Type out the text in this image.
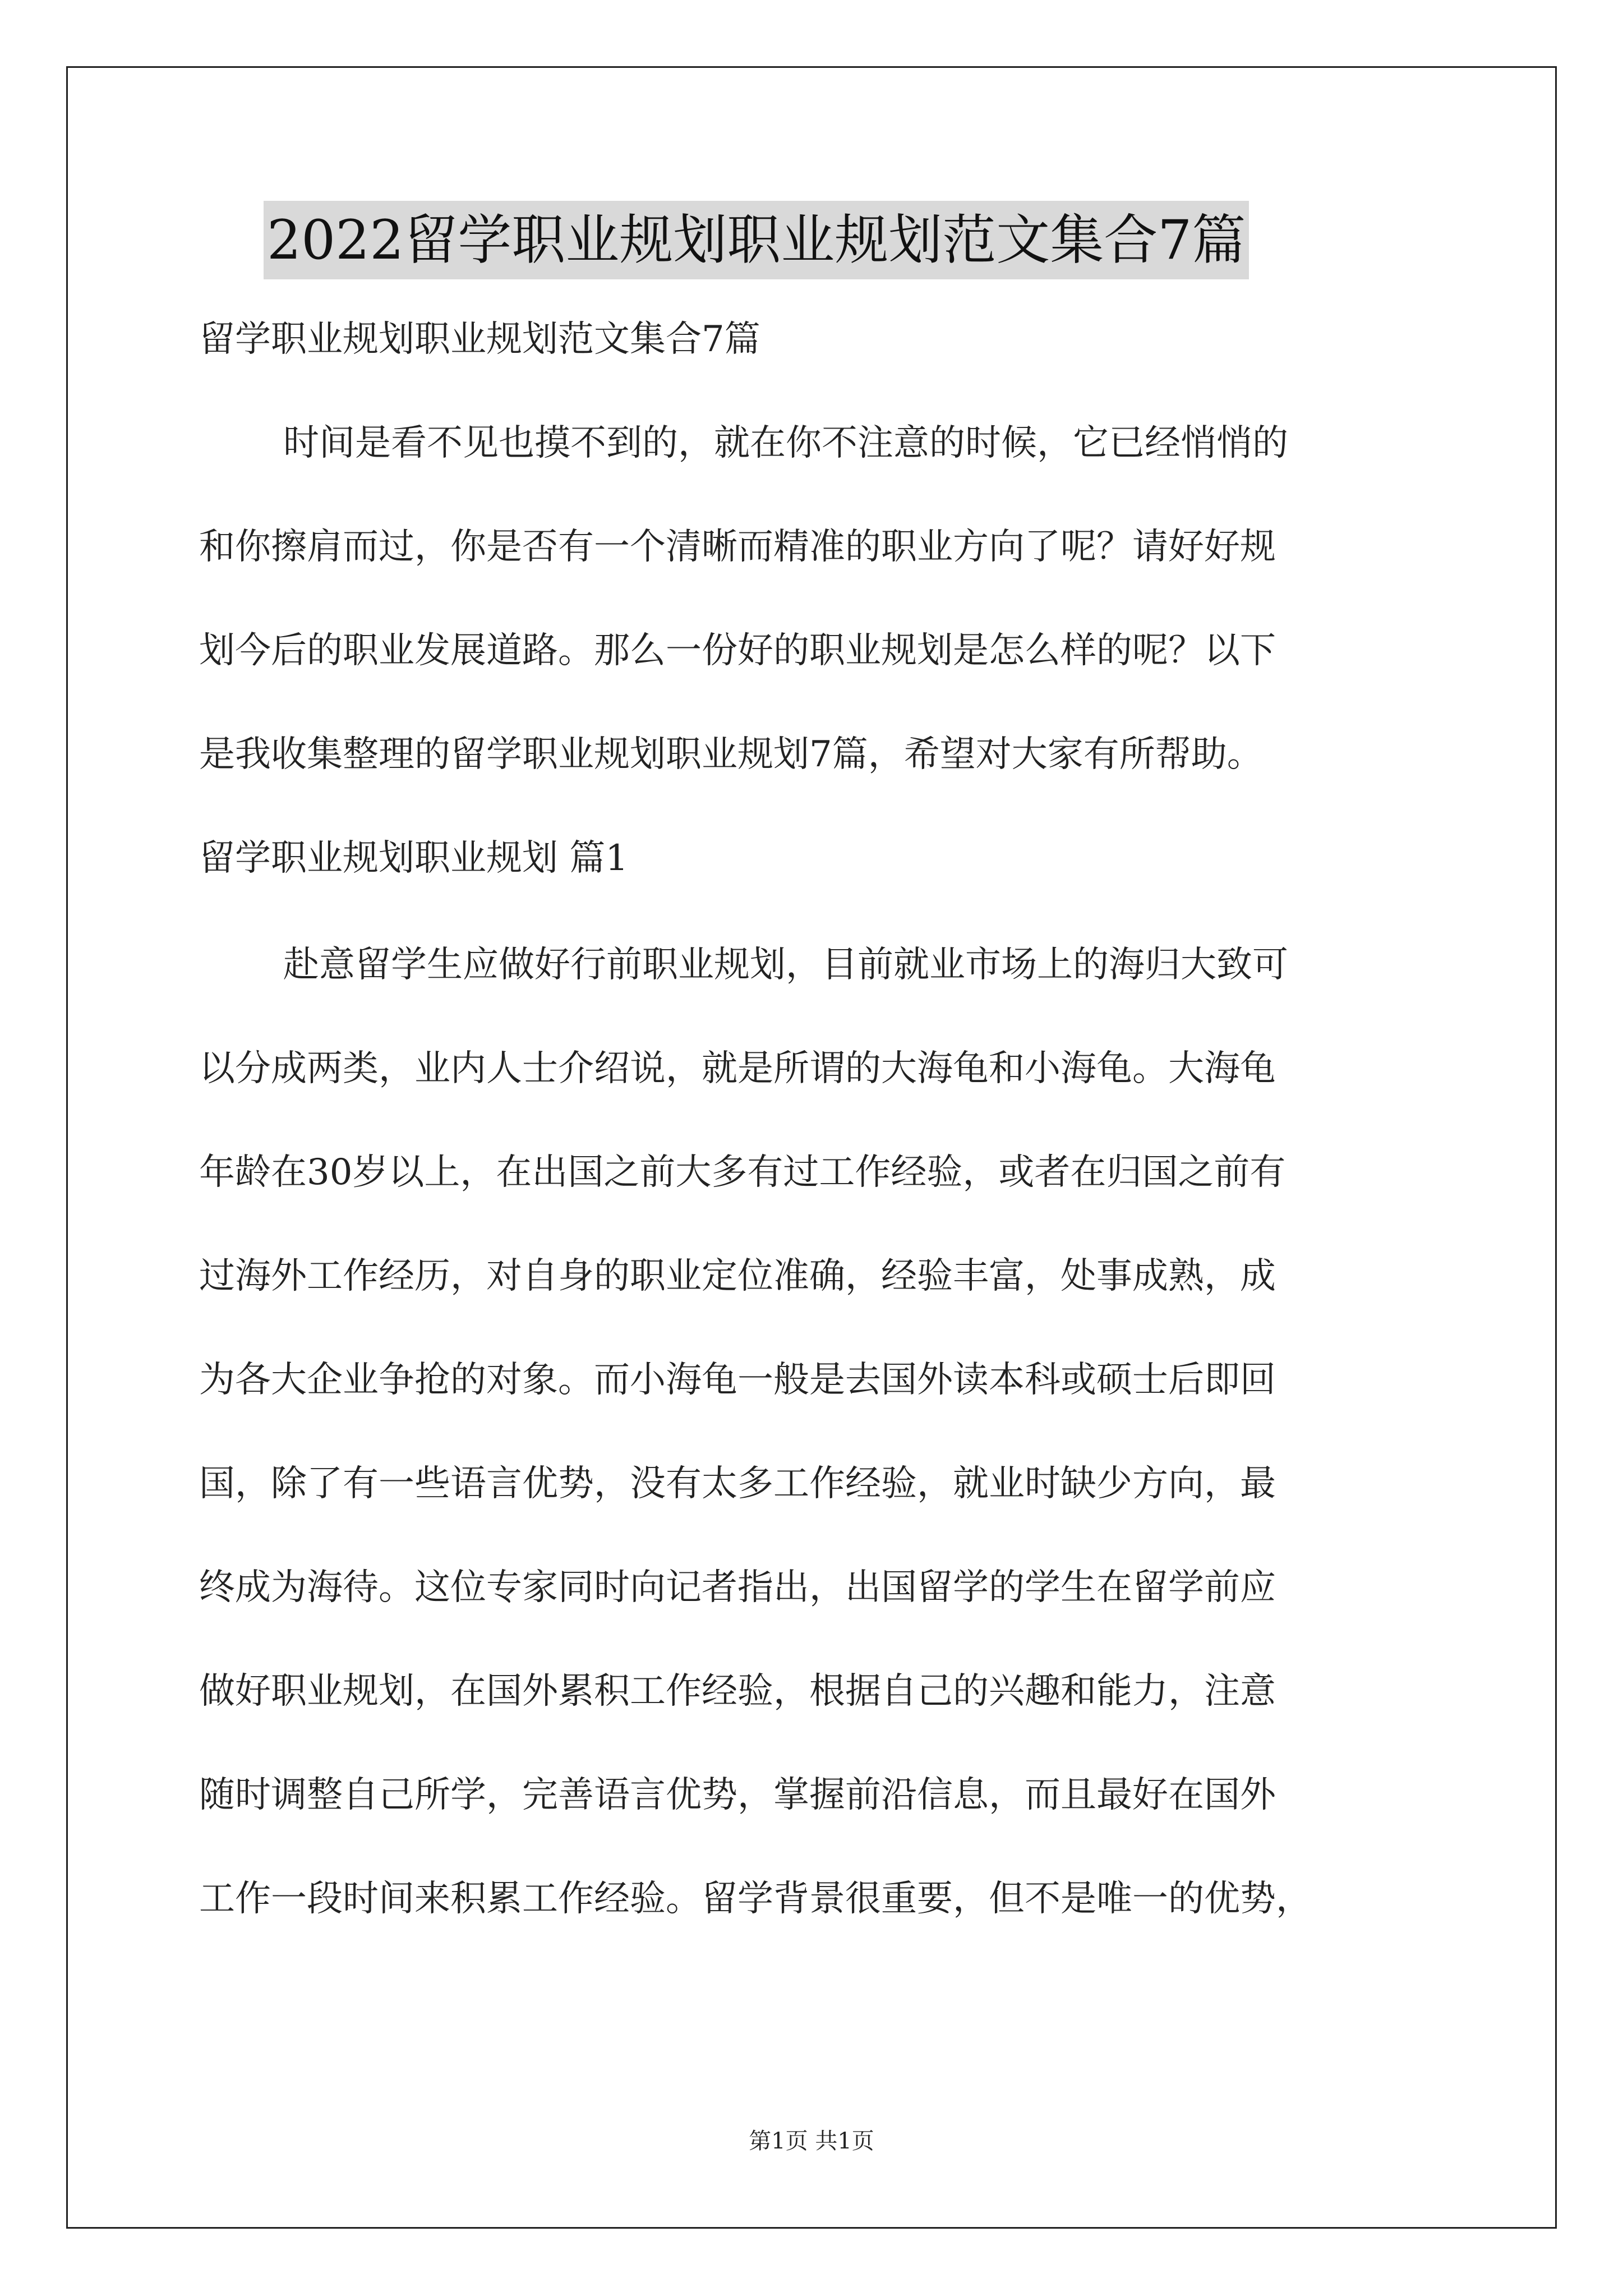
2022留学职业规划职业规划范文集合7篇
留学职业规划职业规划范文集合7篇
时间是看不见也摸不到的，就在你不注意的时候，它已经悄悄的
和你擦肩而过，你是否有一个清晰而精准的职业方向了呢？请好好规
划今后的职业发展道路。那么一份好的职业规划是怎么样的呢？以下
是我收集整理的留学职业规划职业规划7篇，希望对大家有所帮助。
留学职业规划职业规划 篇1
赴意留学生应做好行前职业规划，目前就业市场上的海归大致可
以分成两类，业内人士介绍说，就是所谓的大海龟和小海龟。大海龟
年龄在30岁以上，在出国之前大多有过工作经验，或者在归国之前有
过海外工作经历，对自身的职业定位准确，经验丰富，处事成熟，成
为各大企业争抢的对象。而小海龟一般是去国外读本科或硕士后即回
国，除了有一些语言优势，没有太多工作经验，就业时缺少方向，最
终成为海待。这位专家同时向记者指出，出国留学的学生在留学前应
做好职业规划，在国外累积工作经验，根据自己的兴趣和能力，注意
随时调整自己所学，完善语言优势，掌握前沿信息，而且最好在国外
工作一段时间来积累工作经验。留学背景很重要，但不是唯一的优势，
第1页 共1页
